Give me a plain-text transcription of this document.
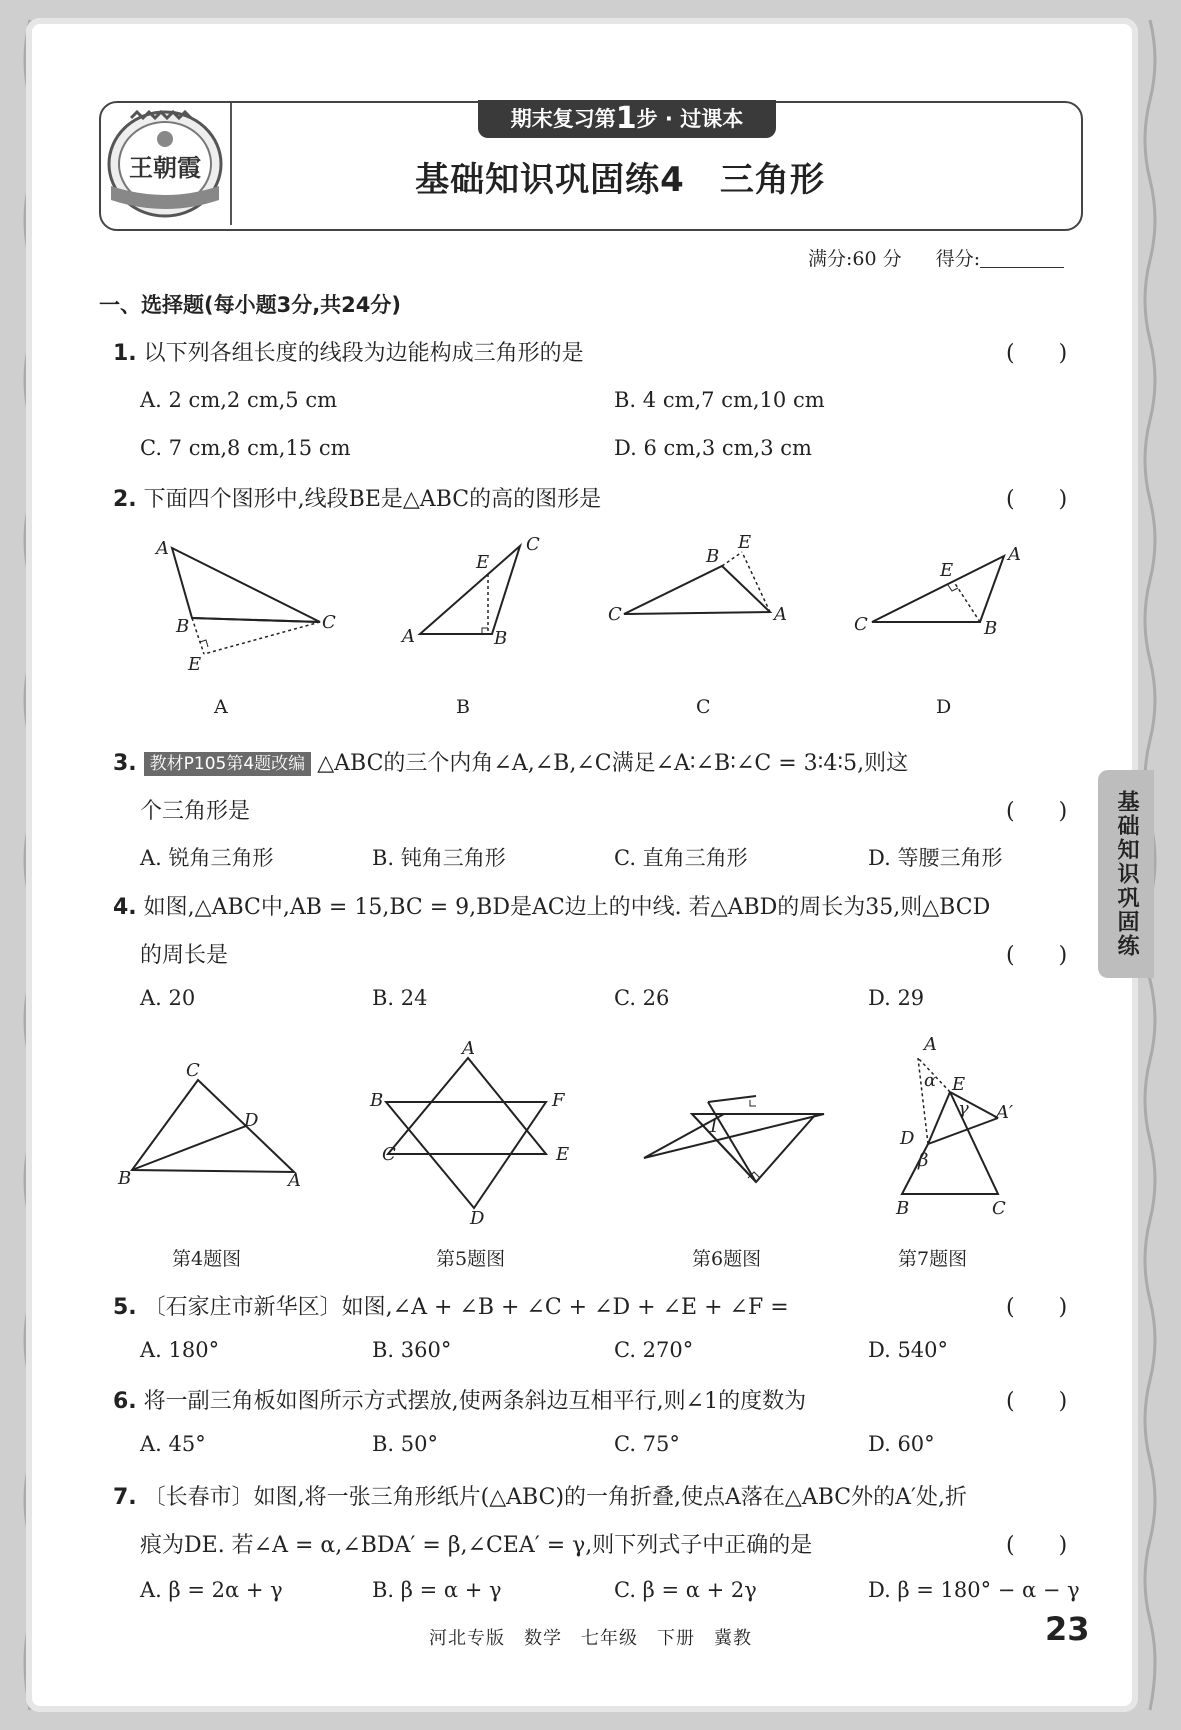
王朝霞
期末复习第1步 · 过课本
基础知识巩固练4　三角形
满分:60 分 得分:
一、选择题(每小题3分,共24分)
1. 以下列各组长度的线段为边能构成三角形的是	(　　)
A. 2 cm,2 cm,5 cm	B. 4 cm,7 cm,10 cm
C. 7 cm,8 cm,15 cm	D. 6 cm,3 cm,3 cm
2. 下面四个图形中,线段BE是△ABC的高的图形是	(　　)
A
B	C
E
A
C
E
A	B
B
B
E
C	A
C
A
E
C	B
D
3. 教材P105第4题改编 △ABC的三个内角∠A,∠B,∠C满足∠A∶∠B∶∠C = 3∶4∶5,则这
个三角形是	(　　)
A. 锐角三角形	B. 钝角三角形	C. 直角三角形	D. 等腰三角形
4. 如图,△ABC中,AB = 15,BC = 9,BD是AC边上的中线. 若△ABD的周长为35,则△BCD
的周长是	(　　)
A. 20	B. 24	C. 26	D. 29
C
D
B	A
第4题图
A
B	F
C	E
D
第5题图
1
第6题图
A
α E
γ A′
D
β
B	C
第7题图
5. 〔石家庄市新华区〕如图,∠A + ∠B + ∠C + ∠D + ∠E + ∠F =	(　　)
A. 180°	B. 360°	C. 270°	D. 540°
6. 将一副三角板如图所示方式摆放,使两条斜边互相平行,则∠1的度数为	(　　)
A. 45°	B. 50°	C. 75°	D. 60°
7. 〔长春市〕如图,将一张三角形纸片(△ABC)的一角折叠,使点A落在△ABC外的A′处,折
痕为DE. 若∠A = α,∠BDA′ = β,∠CEA′ = γ,则下列式子中正确的是	(　　)
A. β = 2α + γ	B. β = α + γ	C. β = α + 2γ	D. β = 180° − α − γ
基础知识巩固练
河北专版　数学　七年级　下册　冀教	23
